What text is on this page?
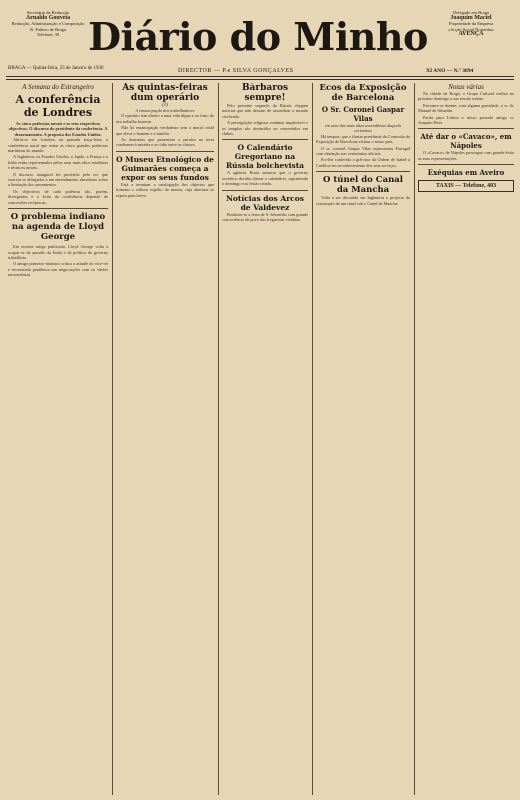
Secretário da Redacção
Arnaldo Gouveia
Redacção, Administração e Composição
R. Palácio de Braga
Telefone, 39 Diário do Minho
Delegado em Braga
Joaquim Maciel
Propriedade da Empresa
«Acção Social Nortenha»
AVENÇA
BRAGA — Quinta-feira, 23 de Janeiro de 1930	DIRECTOR — P.e SILVA GONÇALVES	XI ANO — N.º 3094
A Semana do Estrangeiro
A conferência de Londres
As cinco potências navais e os seus respectivos objectivos. O discurso do presidente da conferência. A desarmamento. A proposta dos Estados Unidos.

Abriu-se em Londres, na passada terça-feira, a conferência naval que reúne as cinco grandes potências marítimas do mundo.

A Inglaterra, os Estados Unidos, o Japão, a França e a Itália estão representados pelos seus mais altos estadistas e técnicos navais.

O discurso inaugural foi proferido pelo rei, que exortou os delegados a um entendimento duradouro sobre a limitação dos armamentos.

Os objectivos de cada potência são, porém, divergentes e o êxito da conferência depende de concessões recíprocas.

O problema indiano na agenda de Lloyd George

Em recente artigo publicado, Lloyd George volta a ocupar-se da questão da Índia e da política do governo trabalhista.

O antigo primeiro-ministro critica a atitude do vice-rei e recomenda prudência nas negociações com os chefes nacionalistas.

As quintas-feiras dum operário
(1)
A emancipação dos trabalhadores

O operário tem direito a uma vida digna e ao fruto do seu trabalho honesto.

Não há emancipação verdadeira sem a moral cristã que eleva o homem e a família.

As doutrinas que prometem o paraíso na terra conduzem à miséria e ao ódio entre as classes.

O Museu Etnológico de Guimarães começa a expor os seus fundos

Está a terminar a catalogação dos objectos que formam o valioso espólio do museu, cuja abertura se espera para breve.

Bárbaros sempre!

Pelo presente segundo da Rússia chegam notícias que não deixam de assombrar o mundo civilizado.

A perseguição religiosa continua implacável e os templos são destruídos ou convertidos em clubes.

O Calendário Gregoriano na Rússia bolchevista

A agência Rosta anuncia que o governo soviético decidiu alterar o calendário, suprimindo o domingo e as festas cristãs.

Notícias dos Arcos de Valdevez

Realizou-se a festa de S. Sebastião com grande concorrência de povo das freguesias vizinhas.

Ecos da Exposição de Barcelona
O Sr. Coronel Gaspar Vilas
em uma das mais altas assembleias daquela cerimónia

Há tempos, que o ilustre presidente da Comissão da Exposição de Barcelona visitou o nosso país.

O sr. coronel Gaspar Vilas representou Portugal com distinção nas cerimónias oficiais.

Foi-lhe conferida a grã-cruz da Ordem de Isabel a Católica em reconhecimento dos seus serviços.

O túnel do Canal da Mancha

Volta a ser discutido em Inglaterra o projecto da construção de um túnel sob o Canal da Mancha.

Notas várias

Na cidade de Braga, o Grupo Cultural realiza no próximo domingo a sua sessão solene.

Encontra-se doente, com alguma gravidade, o sr. dr. Manuel de Almeida.

Partiu para Lisboa o nosso prezado amigo sr. Joaquim Pires.

Até dar o «Cavaco», em Nápoles

O «Cavaco» de Nápoles prossegue com grande êxito as suas representações.

Exéquias em Aveiro
TAXIS — Telefone, 403
